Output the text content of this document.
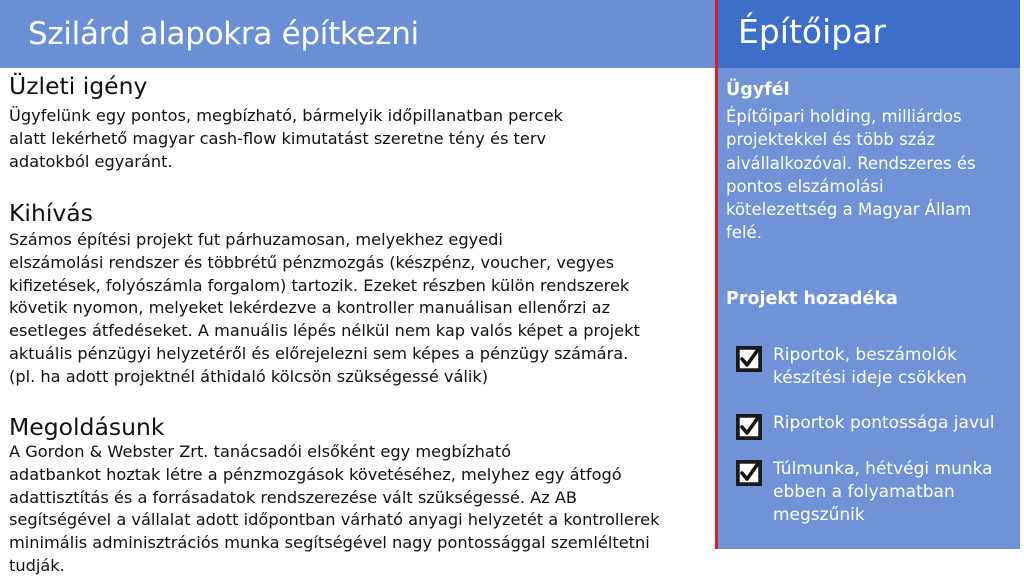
Szilárd alapokra építkezni
Üzleti igény
Ügyfelünk egy pontos, megbízható, bármelyik időpillanatban percek
alatt lekérhető magyar cash-flow kimutatást szeretne tény és terv
adatokból egyaránt.
Kihívás
Számos építési projekt fut párhuzamosan, melyekhez egyedi
elszámolási rendszer és többrétű pénzmozgás (készpénz, voucher, vegyes
kifizetések, folyószámla forgalom) tartozik. Ezeket részben külön rendszerek
követik nyomon, melyeket lekérdezve a kontroller manuálisan ellenőrzi az
esetleges átfedéseket. A manuális lépés nélkül nem kap valós képet a projekt
aktuális pénzügyi helyzetéről és előrejelezni sem képes a pénzügy számára.
(pl. ha adott projektnél áthidaló kölcsön szükségessé válik)
Megoldásunk
A Gordon & Webster Zrt. tanácsadói elsőként egy megbízható
adatbankot hoztak létre a pénzmozgások követéséhez, melyhez egy átfogó
adattisztítás és a forrásadatok rendszerezése vált szükségessé. Az AB
segítségével a vállalat adott időpontban várható anyagi helyzetét a kontrollerek
minimális adminisztrációs munka segítségével nagy pontossággal szemléltetni
tudják.
Építőipar
Ügyfél
Építőipari holding, milliárdos
projektekkel és több száz
alvállalkozóval. Rendszeres és
pontos elszámolási
kötelezettség a Magyar Állam
felé.
Projekt hozadéka
Riportok, beszámolók
készítési ideje csökken
Riportok pontossága javul
Túlmunka, hétvégi munka
ebben a folyamatban
megszűnik
